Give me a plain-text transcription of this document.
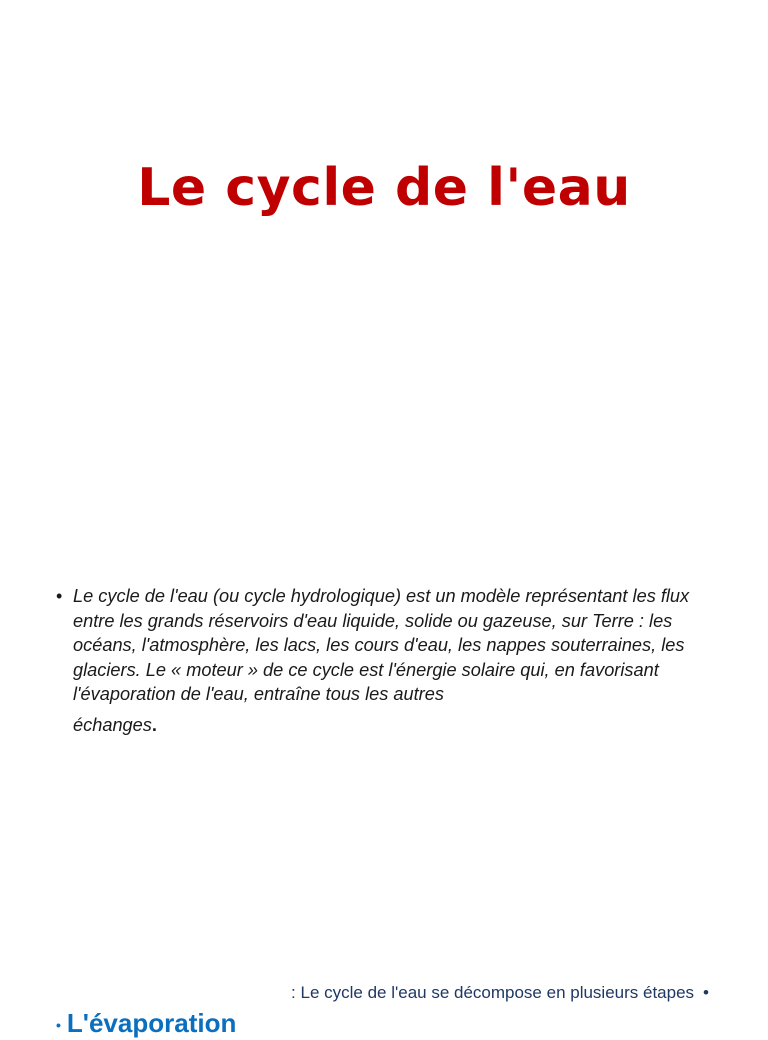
Le cycle de l'eau
• Le cycle de l'eau (ou cycle hydrologique) est un modèle représentant les flux entre les grands réservoirs d'eau liquide, solide ou gazeuse, sur Terre : les océans, l'atmosphère, les lacs, les cours d'eau, les nappes souterraines, les glaciers. Le « moteur » de ce cycle est l'énergie solaire qui, en favorisant l'évaporation de l'eau, entraîne tous les autres
échanges.

: Le cycle de l'eau se décompose en plusieurs étapes •
• L'évaporation
